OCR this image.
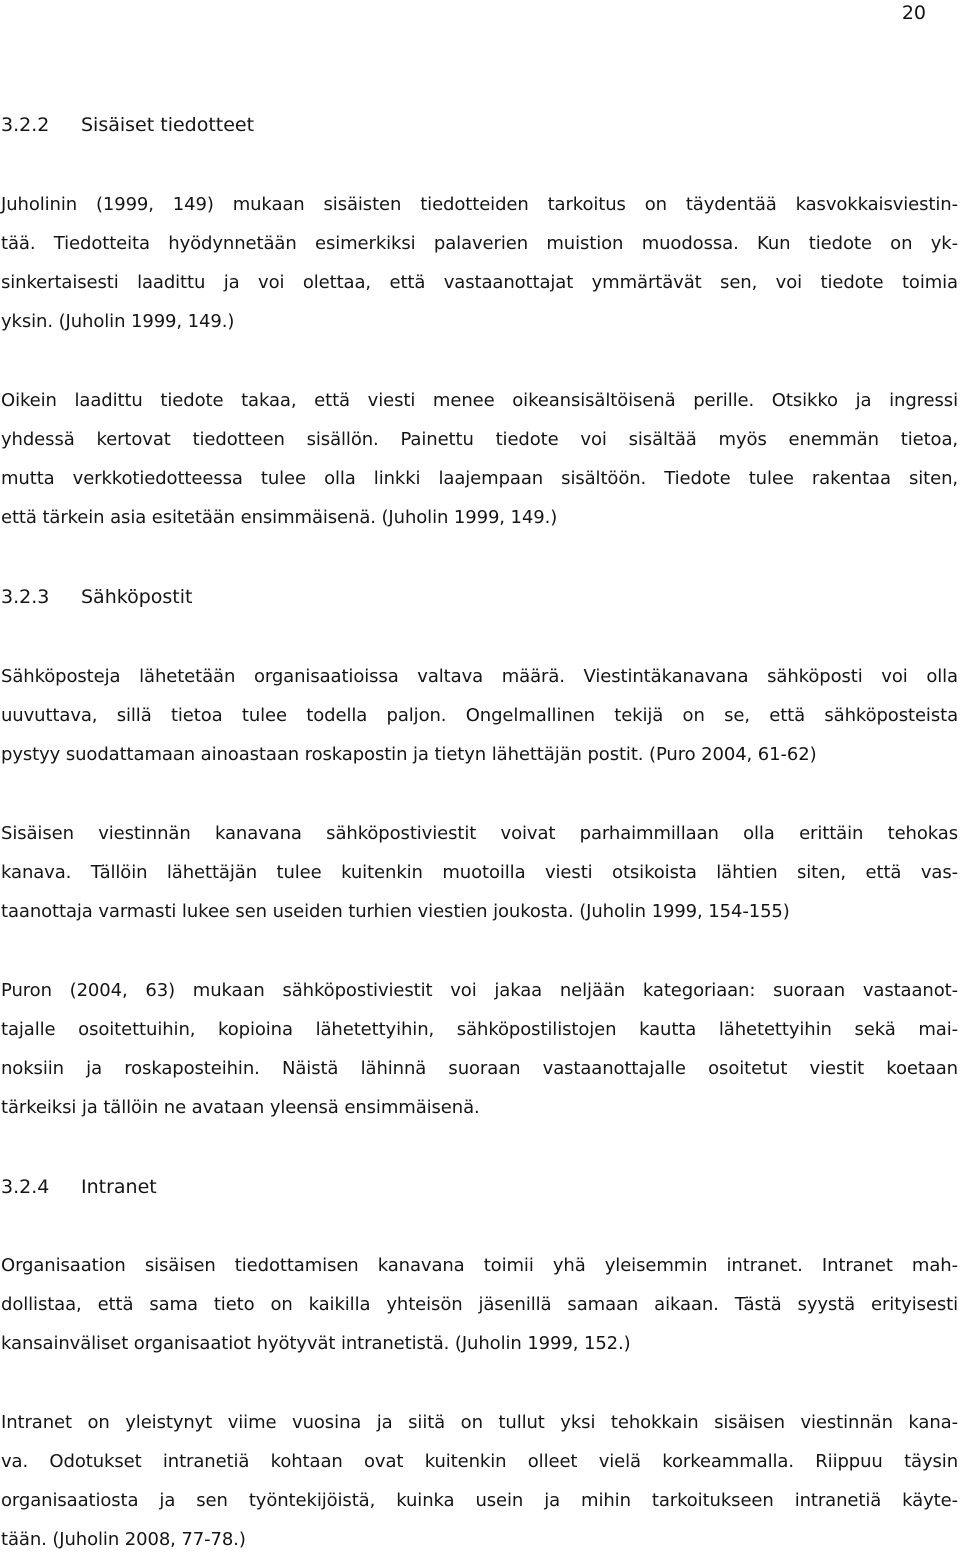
20
3.2.2 Sisäiset tiedotteet

Juholinin (1999, 149) mukaan sisäisten tiedotteiden tarkoitus on täydentää kasvokkaisviestin-
tää. Tiedotteita hyödynnetään esimerkiksi palaverien muistion muodossa. Kun tiedote on yk-
sinkertaisesti laadittu ja voi olettaa, että vastaanottajat ymmärtävät sen, voi tiedote toimia
yksin. (Juholin 1999, 149.)

Oikein laadittu tiedote takaa, että viesti menee oikeansisältöisenä perille. Otsikko ja ingressi
yhdessä kertovat tiedotteen sisällön. Painettu tiedote voi sisältää myös enemmän tietoa,
mutta verkkotiedotteessa tulee olla linkki laajempaan sisältöön. Tiedote tulee rakentaa siten,
että tärkein asia esitetään ensimmäisenä. (Juholin 1999, 149.)

3.2.3 Sähköpostit

Sähköposteja lähetetään organisaatioissa valtava määrä. Viestintäkanavana sähköposti voi olla
uuvuttava, sillä tietoa tulee todella paljon. Ongelmallinen tekijä on se, että sähköposteista
pystyy suodattamaan ainoastaan roskapostin ja tietyn lähettäjän postit. (Puro 2004, 61-62)

Sisäisen viestinnän kanavana sähköpostiviestit voivat parhaimmillaan olla erittäin tehokas
kanava. Tällöin lähettäjän tulee kuitenkin muotoilla viesti otsikoista lähtien siten, että vas-
taanottaja varmasti lukee sen useiden turhien viestien joukosta. (Juholin 1999, 154-155)

Puron (2004, 63) mukaan sähköpostiviestit voi jakaa neljään kategoriaan: suoraan vastaanot-
tajalle osoitettuihin, kopioina lähetettyihin, sähköpostilistojen kautta lähetettyihin sekä mai-
noksiin ja roskaposteihin. Näistä lähinnä suoraan vastaanottajalle osoitetut viestit koetaan
tärkeiksi ja tällöin ne avataan yleensä ensimmäisenä.

3.2.4 Intranet

Organisaation sisäisen tiedottamisen kanavana toimii yhä yleisemmin intranet. Intranet mah-
dollistaa, että sama tieto on kaikilla yhteisön jäsenillä samaan aikaan. Tästä syystä erityisesti
kansainväliset organisaatiot hyötyvät intranetistä. (Juholin 1999, 152.)

Intranet on yleistynyt viime vuosina ja siitä on tullut yksi tehokkain sisäisen viestinnän kana-
va. Odotukset intranetiä kohtaan ovat kuitenkin olleet vielä korkeammalla. Riippuu täysin
organisaatiosta ja sen työntekijöistä, kuinka usein ja mihin tarkoitukseen intranetiä käyte-
tään. (Juholin 2008, 77-78.)
